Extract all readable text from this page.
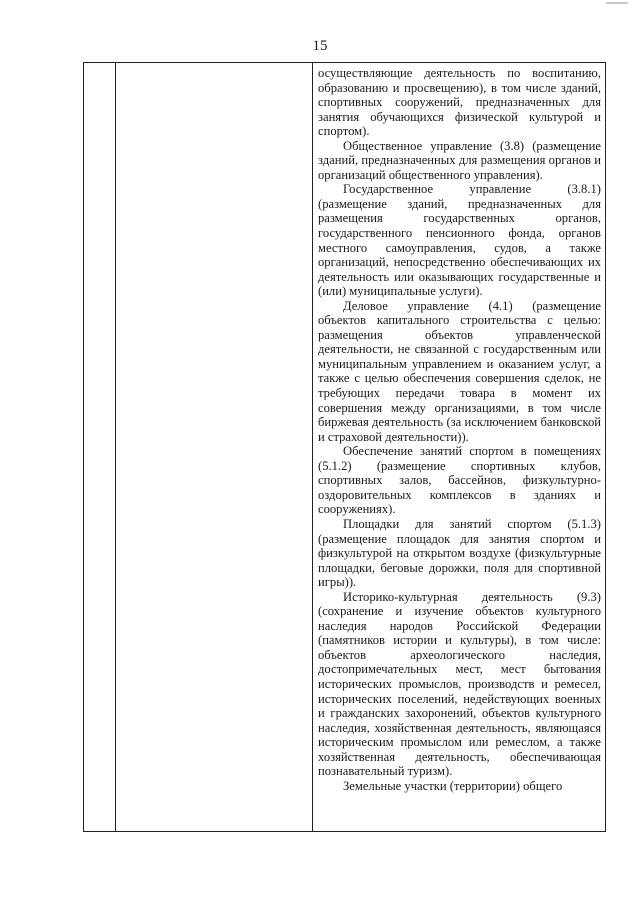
15

осуществляющие деятельность по воспитанию, образованию и просвещению), в том числе зданий, спортивных сооружений, предназначенных для занятия обучающихся физической культурой и спортом).

Общественное управление (3.8) (размещение зданий, предназначенных для размещения органов и организаций общественного управления).

Государственное управление (3.8.1) (размещение зданий, предназначенных для размещения государственных органов, государственного пенсионного фонда, органов местного самоуправления, судов, а также организаций, непосредственно обеспечивающих их деятельность или оказывающих государственные и (или) муниципальные услуги).

Деловое управление (4.1) (размещение объектов капитального строительства с целью: размещения объектов управленческой деятельности, не связанной с государственным или муниципальным управлением и оказанием услуг, а также с целью обеспечения совершения сделок, не требующих передачи товара в момент их совершения между организациями, в том числе биржевая деятельность (за исключением банковской и страховой деятельности)).

Обеспечение занятий спортом в помещениях (5.1.2) (размещение спортивных клубов, спортивных залов, бассейнов, физкультурно-оздоровительных комплексов в зданиях и сооружениях).

Площадки для занятий спортом (5.1.3) (размещение площадок для занятия спортом и физкультурой на открытом воздухе (физкультурные площадки, беговые дорожки, поля для спортивной игры)).

Историко-культурная деятельность (9.3) (сохранение и изучение объектов культурного наследия народов Российской Федерации (памятников истории и культуры), в том числе: объектов археологического наследия, достопримечательных мест, мест бытования исторических промыслов, производств и ремесел, исторических поселений, недействующих военных и гражданских захоронений, объектов культурного наследия, хозяйственная деятельность, являющаяся историческим промыслом или ремеслом, а также хозяйственная деятельность, обеспечивающая познавательный туризм).

Земельные участки (территории) общего
